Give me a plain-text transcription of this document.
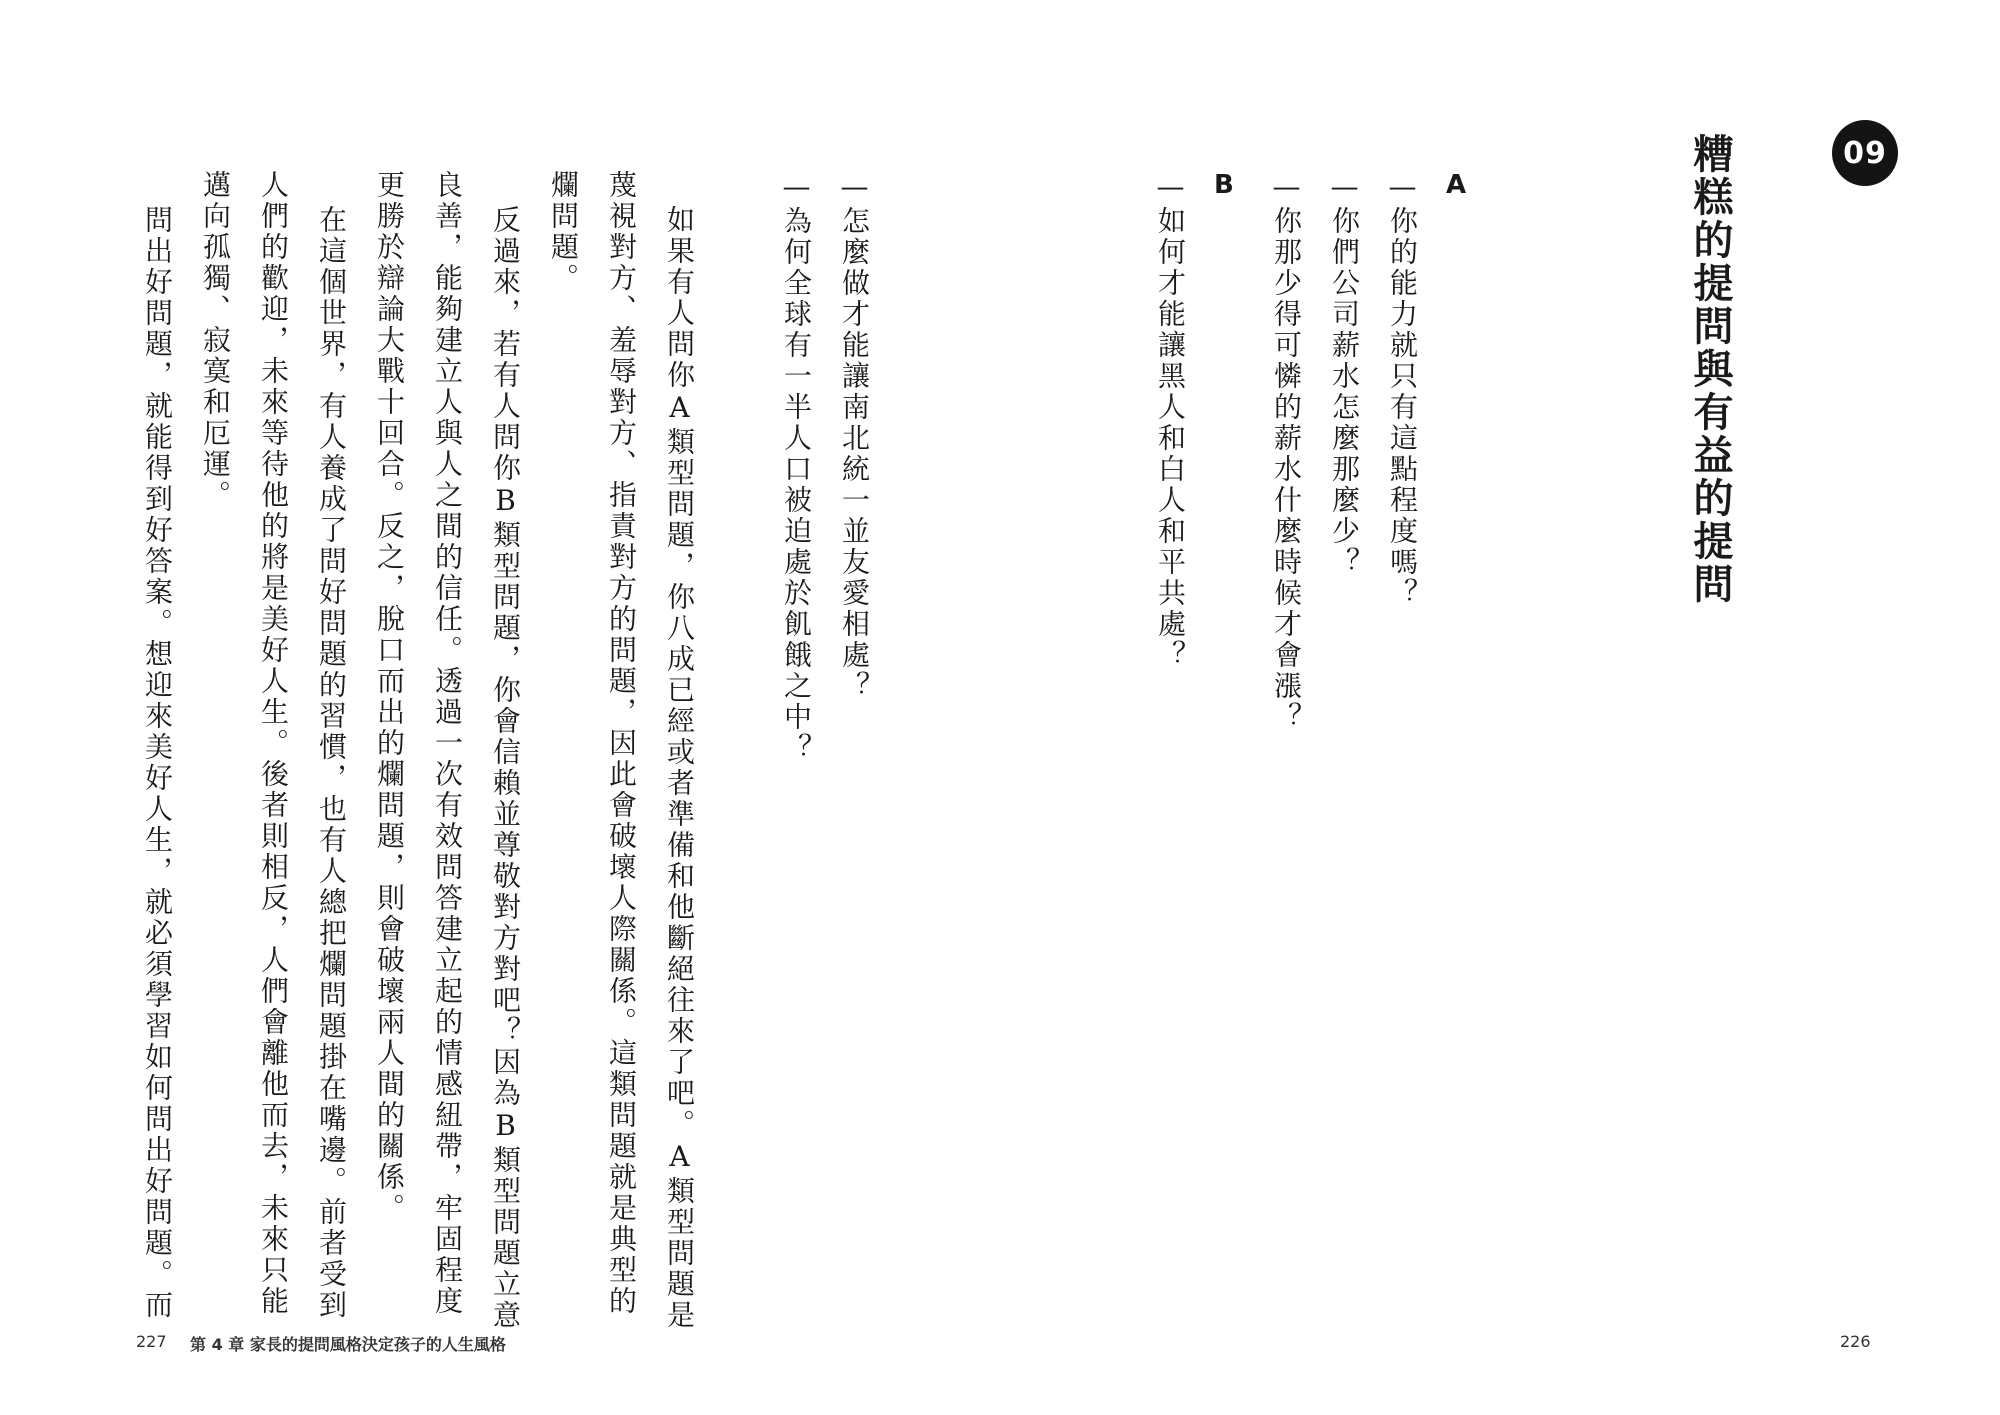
09
糟糕的提問與有益的提問
A

—你的能力就只有這點程度嗎？

—你們公司薪水怎麼那麼少？

—你那少得可憐的薪水什麼時候才會漲？

B

—如何才能讓黑人和白人和平共處？

226

—怎麼做才能讓南北統一並友愛相處？

—為何全球有一半人口被迫處於飢餓之中？

如果有人問你A類型問題，你八成已經或者準備和他斷絕往來了吧。A類型問題是

蔑視對方、羞辱對方、指責對方的問題，因此會破壞人際關係。這類問題就是典型的

爛問題。

反過來，若有人問你B類型問題，你會信賴並尊敬對方對吧？因為B類型問題立意

良善，能夠建立人與人之間的信任。透過一次有效問答建立起的情感紐帶，牢固程度

更勝於辯論大戰十回合。反之，脫口而出的爛問題，則會破壞兩人間的關係。

在這個世界，有人養成了問好問題的習慣，也有人總把爛問題掛在嘴邊。前者受到

人們的歡迎，未來等待他的將是美好人生。後者則相反，人們會離他而去，未來只能

邁向孤獨、寂寞和厄運。

問出好問題，就能得到好答案。想迎來美好人生，就必須學習如何問出好問題。而

227 第 4 章 家長的提問風格決定孩子的人生風格
